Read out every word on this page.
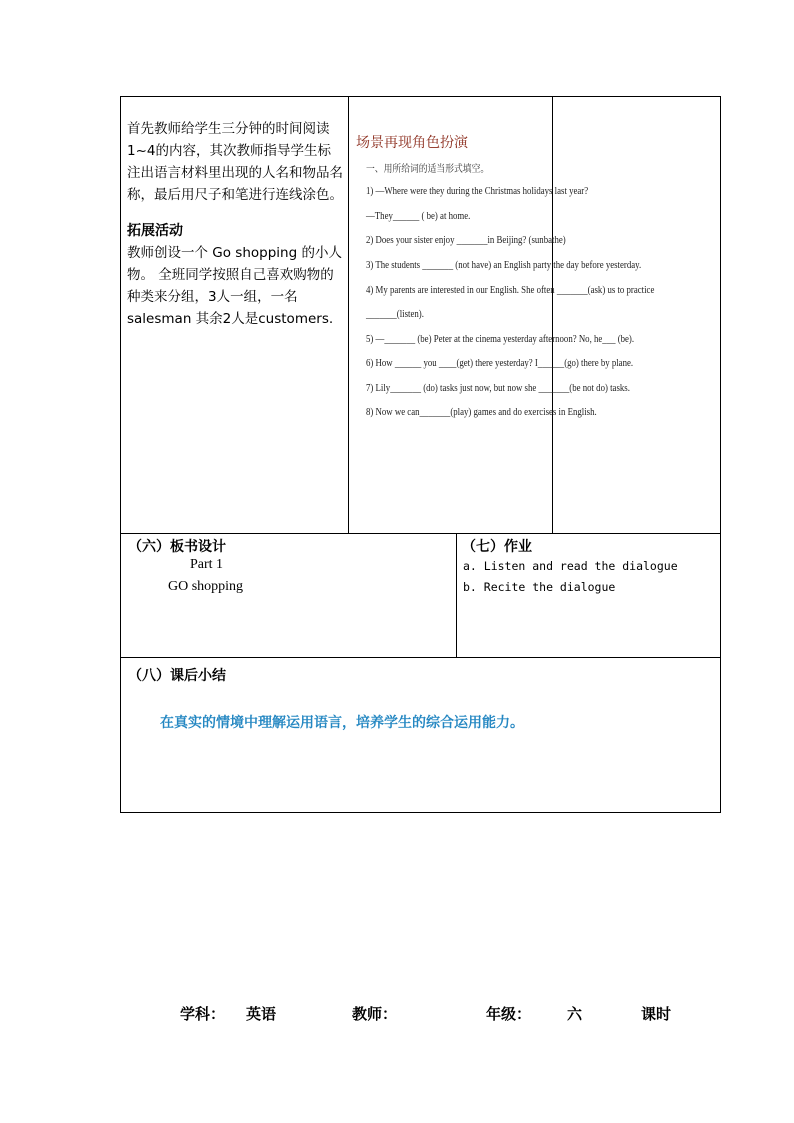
首先教师给学生三分钟的时间阅读1~4的内容，其次教师指导学生标注出语言材料里出现的人名和物品名称，最后用尺子和笔进行连线涂色。

拓展活动

教师创设一个 Go shopping 的小人物。 全班同学按照自己喜欢购物的种类来分组，3人一组，一名 salesman 其余2人是customers.

场景再现角色扮演
一、用所给词的适当形式填空。
1) —Where were they during the Christmas holidays last year?
—They______ ( be) at home.
2) Does your sister enjoy _______in Beijing? (sunbathe)
3) The students _______ (not have) an English party the day before yesterday.
4) My parents are interested in our English. She often _______(ask) us to practice
_______(listen).
5) —_______ (be) Peter at the cinema yesterday afternoon? No, he___ (be).
6) How ______ you ____(get) there yesterday? I______(go) there by plane.
7) Lily_______ (do) tasks just now, but now she _______(be not do) tasks.
8) Now we can_______(play) games and do exercises in English.
（六）板书设计
Part 1
GO shopping
（七）作业
a. Listen and read the dialogue
b. Recite the dialogue
（八）课后小结
在真实的情境中理解运用语言，培养学生的综合运用能力。
学科： 英语	教师：	年级： 六	课时
